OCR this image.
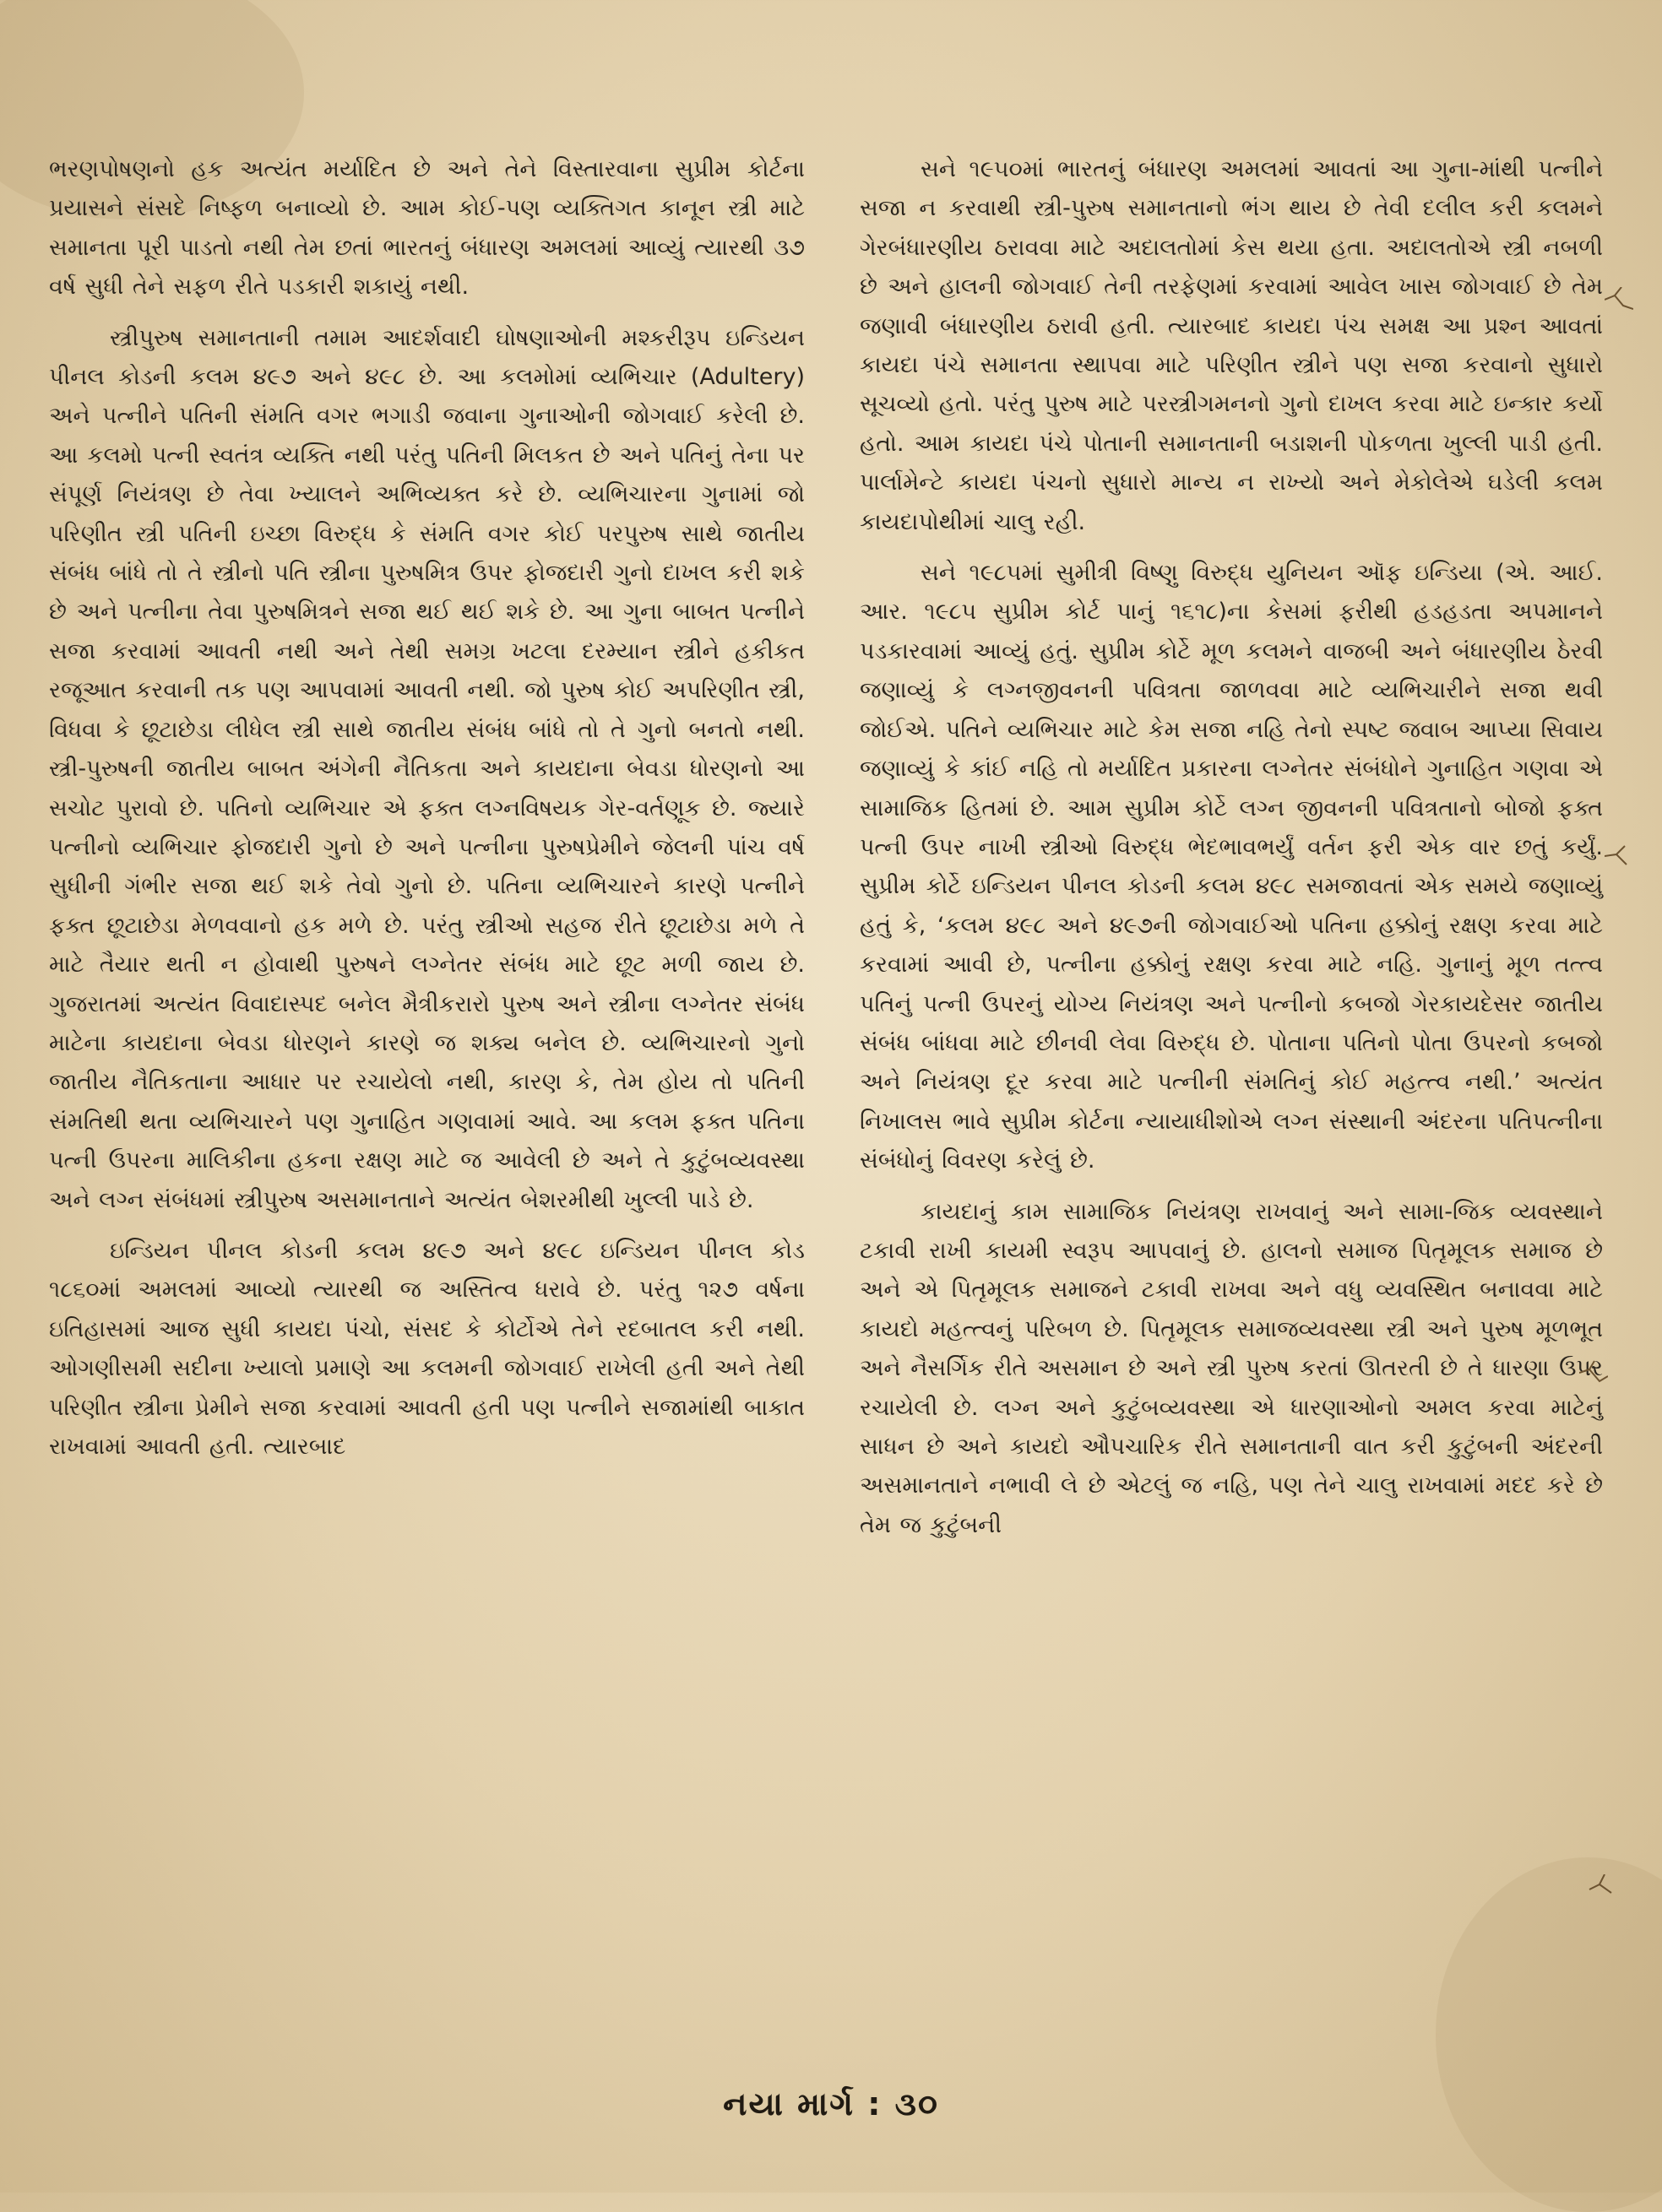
ભરણપોષણનો હક અત્યંત મર્યાદિત છે અને તેને વિસ્તારવાના સુપ્રીમ કોર્ટના પ્રયાસને સંસદે નિષ્ફળ બનાવ્યો છે. આમ કોઈ-પણ વ્યક્તિગત કાનૂન સ્ત્રી માટે સમાનતા પૂરી પાડતો નથી તેમ છતાં ભારતનું બંધારણ અમલમાં આવ્યું ત્યારથી ૩૭ વર્ષ સુધી તેને સફળ રીતે પડકારી શકાયું નથી.

સ્ત્રીપુરુષ સમાનતાની તમામ આદર્શવાદી ઘોષણાઓની મશ્કરીરૂપ ઇન્ડિયન પીનલ કોડની કલમ ૪૯૭ અને ૪૯૮ છે. આ કલમોમાં વ્યભિચાર (Adultery) અને પત્નીને પતિની સંમતિ વગર ભગાડી જવાના ગુનાઓની જોગવાઈ કરેલી છે. આ કલમો પત્ની સ્વતંત્ર વ્યક્તિ નથી પરંતુ પતિની મિલકત છે અને પતિનું તેના પર સંપૂર્ણ નિયંત્રણ છે તેવા ખ્યાલને અભિવ્યક્ત કરે છે. વ્યભિચારના ગુનામાં જો પરિણીત સ્ત્રી પતિની ઇચ્છા વિરુદ્ધ કે સંમતિ વગર કોઈ પરપુરુષ સાથે જાતીય સંબંધ બાંધે તો તે સ્ત્રીનો પતિ સ્ત્રીના પુરુષમિત્ર ઉપર ફોજદારી ગુનો દાખલ કરી શકે છે અને પત્નીના તેવા પુરુષમિત્રને સજા થઈ થઈ શકે છે. આ ગુના બાબત પત્નીને સજા કરવામાં આવતી નથી અને તેથી સમગ્ર ખટલા દરમ્યાન સ્ત્રીને હકીકત રજૂઆત કરવાની તક પણ આપવામાં આવતી નથી. જો પુરુષ કોઈ અપરિણીત સ્ત્રી, વિધવા કે છૂટાછેડા લીધેલ સ્ત્રી સાથે જાતીય સંબંધ બાંધે તો તે ગુનો બનતો નથી. સ્ત્રી-પુરુષની જાતીય બાબત અંગેની નૈતિકતા અને કાયદાના બેવડા ધોરણનો આ સચોટ પુરાવો છે. પતિનો વ્યભિચાર એ ફક્ત લગ્નવિષયક ગેર-વર્તણૂક છે. જ્યારે પત્નીનો વ્યભિચાર ફોજદારી ગુનો છે અને પત્નીના પુરુષપ્રેમીને જેલની પાંચ વર્ષ સુધીની ગંભીર સજા થઈ શકે તેવો ગુનો છે. પતિના વ્યભિચારને કારણે પત્નીને ફક્ત છૂટાછેડા મેળવવાનો હક મળે છે. પરંતુ સ્ત્રીઓ સહજ રીતે છૂટાછેડા મળે તે માટે તૈયાર થતી ન હોવાથી પુરુષને લગ્નેતર સંબંધ માટે છૂટ મળી જાય છે. ગુજરાતમાં અત્યંત વિવાદાસ્પદ બનેલ મૈત્રીકરારો પુરુષ અને સ્ત્રીના લગ્નેતર સંબંધ માટેના કાયદાના બેવડા ધોરણને કારણે જ શક્ય બનેલ છે. વ્યભિચારનો ગુનો જાતીય નૈતિકતાના આધાર પર રચાયેલો નથી, કારણ કે, તેમ હોય તો પતિની સંમતિથી થતા વ્યભિચારને પણ ગુનાહિત ગણવામાં આવે. આ કલમ ફક્ત પતિના પત્ની ઉપરના માલિકીના હકના રક્ષણ માટે જ આવેલી છે અને તે કુટુંબવ્યવસ્થા અને લગ્ન સંબંધમાં સ્ત્રીપુરુષ અસમાનતાને અત્યંત બેશરમીથી ખુલ્લી પાડે છે.

ઇન્ડિયન પીનલ કોડની કલમ ૪૯૭ અને ૪૯૮ ઇન્ડિયન પીનલ કોડ ૧૮૬૦માં અમલમાં આવ્યો ત્યારથી જ અસ્તિત્વ ધરાવે છે. પરંતુ ૧૨૭ વર્ષના ઇતિહાસમાં આજ સુધી કાયદા પંચો, સંસદ કે કોર્ટોએ તેને રદબાતલ કરી નથી. ઓગણીસમી સદીના ખ્યાલો પ્રમાણે આ કલમની જોગવાઈ રાખેલી હતી અને તેથી પરિણીત સ્ત્રીના પ્રેમીને સજા કરવામાં આવતી હતી પણ પત્નીને સજામાંથી બાકાત રાખવામાં આવતી હતી. ત્યારબાદ

સને ૧૯૫૦માં ભારતનું બંધારણ અમલમાં આવતાં આ ગુના-માંથી પત્નીને સજા ન કરવાથી સ્ત્રી-પુરુષ સમાનતાનો ભંગ થાય છે તેવી દલીલ કરી કલમને ગેરબંધારણીય ઠરાવવા માટે અદાલતોમાં કેસ થયા હતા. અદાલતોએ સ્ત્રી નબળી છે અને હાલની જોગવાઈ તેની તરફેણમાં કરવામાં આવેલ ખાસ જોગવાઈ છે તેમ જણાવી બંધારણીય ઠરાવી હતી. ત્યારબાદ કાયદા પંચ સમક્ષ આ પ્રશ્ન આવતાં કાયદા પંચે સમાનતા સ્થાપવા માટે પરિણીત સ્ત્રીને પણ સજા કરવાનો સુધારો સૂચવ્યો હતો. પરંતુ પુરુષ માટે પરસ્ત્રીગમનનો ગુનો દાખલ કરવા માટે ઇન્કાર કર્યો હતો. આમ કાયદા પંચે પોતાની સમાનતાની બડાશની પોકળતા ખુલ્લી પાડી હતી. પાર્લામેન્ટે કાયદા પંચનો સુધારો માન્ય ન રાખ્યો અને મેકોલેએ ઘડેલી કલમ કાયદાપોથીમાં ચાલુ રહી.

સને ૧૯૮૫માં સુમીત્રી વિષ્ણુ વિરુદ્ધ યુનિયન ઑફ ઇન્ડિયા (એ. આઈ. આર. ૧૯૮૫ સુપ્રીમ કોર્ટ પાનું ૧૬૧૮)ના કેસમાં ફરીથી હડહડતા અપમાનને પડકારવામાં આવ્યું હતું. સુપ્રીમ કોર્ટે મૂળ કલમને વાજબી અને બંધારણીય ઠેરવી જણાવ્યું કે લગ્નજીવનની પવિત્રતા જાળવવા માટે વ્યભિચારીને સજા થવી જોઈએ. પતિને વ્યભિચાર માટે કેમ સજા નહિ તેનો સ્પષ્ટ જવાબ આપ્યા સિવાય જણાવ્યું કે કાંઈ નહિ તો મર્યાદિત પ્રકારના લગ્નેતર સંબંધોને ગુનાહિત ગણવા એ સામાજિક હિતમાં છે. આમ સુપ્રીમ કોર્ટે લગ્ન જીવનની પવિત્રતાનો બોજો ફક્ત પત્ની ઉપર નાખી સ્ત્રીઓ વિરુદ્ધ ભેદભાવભર્યું વર્તન ફરી એક વાર છતું કર્યું. સુપ્રીમ કોર્ટે ઇન્ડિયન પીનલ કોડની કલમ ૪૯૮ સમજાવતાં એક સમયે જણાવ્યું હતું કે, ‘કલમ ૪૯૮ અને ૪૯૭ની જોગવાઈઓ પતિના હક્કોનું રક્ષણ કરવા માટે કરવામાં આવી છે, પત્નીના હક્કોનું રક્ષણ કરવા માટે નહિ. ગુનાનું મૂળ તત્ત્વ પતિનું પત્ની ઉપરનું યોગ્ય નિયંત્રણ અને પત્નીનો કબજો ગેરકાયદેસર જાતીય સંબંધ બાંધવા માટે છીનવી લેવા વિરુદ્ધ છે. પોતાના પતિનો પોતા ઉપરનો કબજો અને નિયંત્રણ દૂર કરવા માટે પત્નીની સંમતિનું કોઈ મહત્ત્વ નથી.’ અત્યંત નિખાલસ ભાવે સુપ્રીમ કોર્ટના ન્યાયાધીશોએ લગ્ન સંસ્થાની અંદરના પતિપત્નીના સંબંધોનું વિવરણ કરેલું છે.

કાયદાનું કામ સામાજિક નિયંત્રણ રાખવાનું અને સામા-જિક વ્યવસ્થાને ટકાવી રાખી કાયમી સ્વરૂપ આપવાનું છે. હાલનો સમાજ પિતૃમૂલક સમાજ છે અને એ પિતૃમૂલક સમાજને ટકાવી રાખવા અને વધુ વ્યવસ્થિત બનાવવા માટે કાયદો મહત્ત્વનું પરિબળ છે. પિતૃમૂલક સમાજવ્યવસ્થા સ્ત્રી અને પુરુષ મૂળભૂત અને નૈસર્ગિક રીતે અસમાન છે અને સ્ત્રી પુરુષ કરતાં ઊતરતી છે તે ધારણા ઉપર રચાયેલી છે. લગ્ન અને કુટુંબવ્યવસ્થા એ ધારણાઓનો અમલ કરવા માટેનું સાધન છે અને કાયદો ઔપચારિક રીતે સમાનતાની વાત કરી કુટુંબની અંદરની અસમાનતાને નભાવી લે છે એટલું જ નહિ, પણ તેને ચાલુ રાખવામાં મદદ કરે છે તેમ જ કુટુંબની

નયા માર્ગ : ૩૦
